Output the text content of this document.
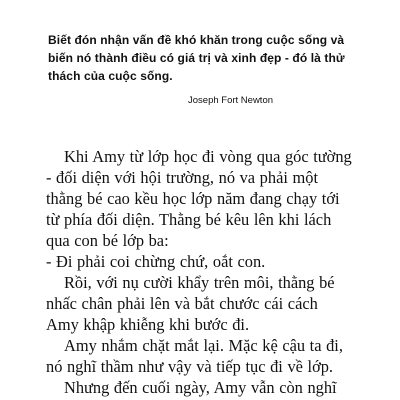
Biết đón nhận vấn đề khó khăn trong cuộc sống và
biến nó thành điều có giá trị và xinh đẹp - đó là thử
thách của cuộc sống.
Joseph Fort Newton

Khi Amy từ lớp học đi vòng qua góc tường
- đối diện với hội trường, nó va phải một
thằng bé cao kều học lớp năm đang chạy tới
từ phía đối diện. Thằng bé kêu lên khi lách
qua con bé lớp ba:

- Đi phải coi chừng chứ, oắt con.

Rồi, với nụ cười khẩy trên môi, thằng bé
nhấc chân phải lên và bắt chước cái cách
Amy khập khiễng khi bước đi.

Amy nhắm chặt mắt lại. Mặc kệ cậu ta đi,
nó nghĩ thầm như vậy và tiếp tục đi về lớp.

Nhưng đến cuối ngày, Amy vẫn còn nghĩ
